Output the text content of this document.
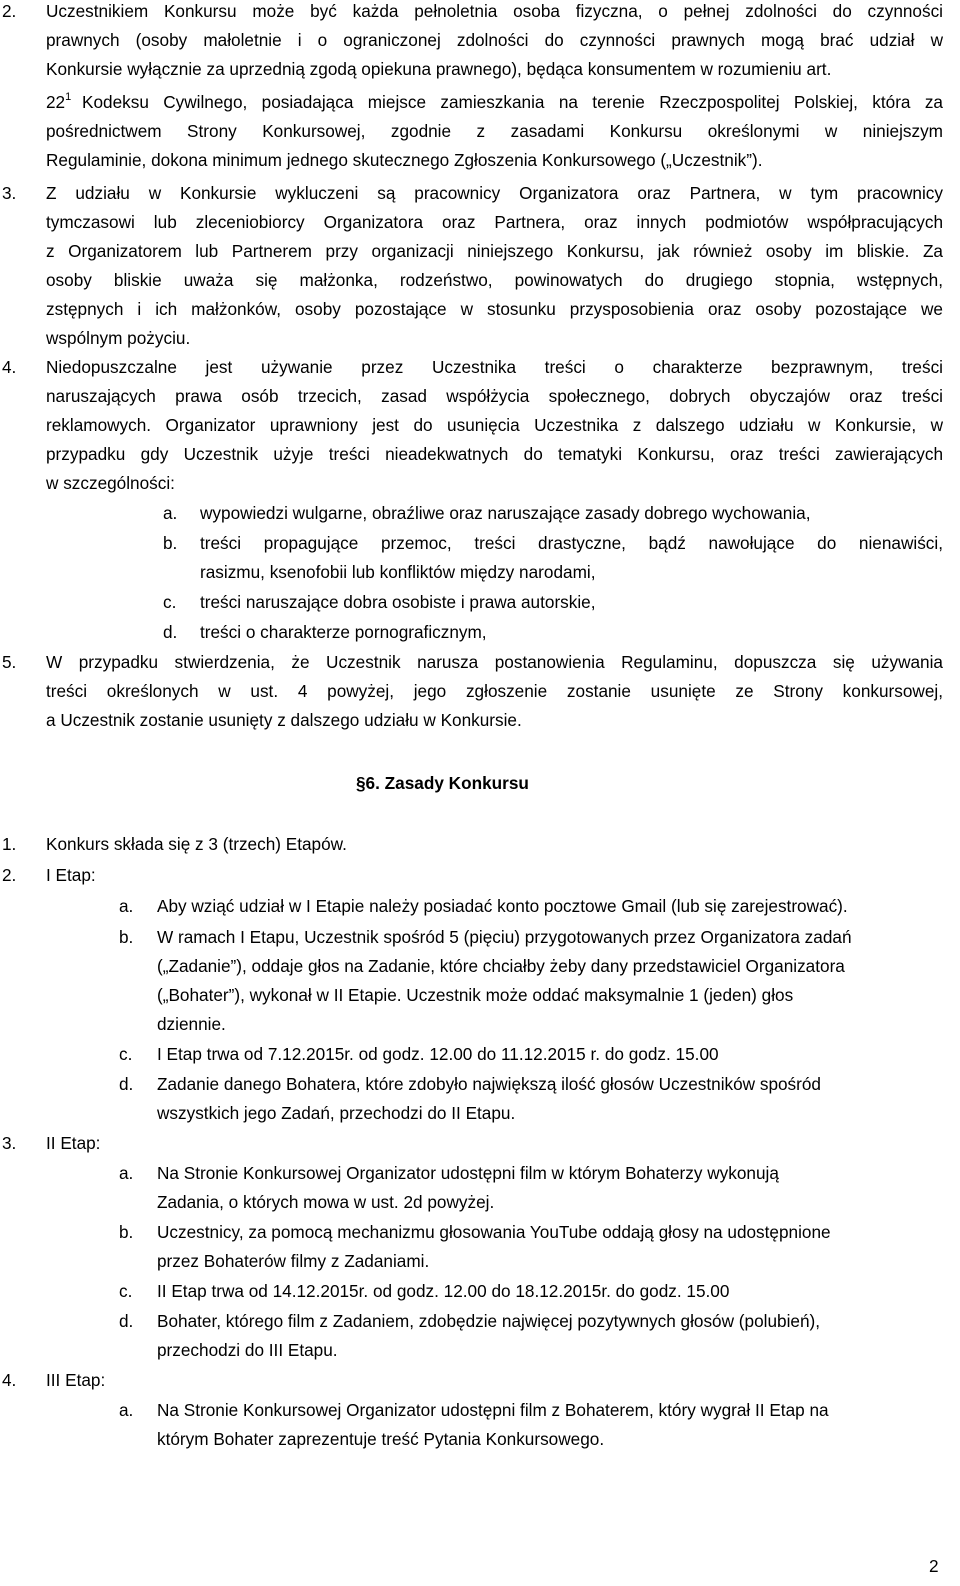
2. Uczestnikiem Konkursu może być każda pełnoletnia osoba fizyczna, o pełnej zdolności do czynności
prawnych (osoby małoletnie i o ograniczonej zdolności do czynności prawnych mogą brać udział w
Konkursie wyłącznie za uprzednią zgodą opiekuna prawnego), będąca konsumentem w rozumieniu art.
$22^1$ Kodeksu Cywilnego, posiadająca miejsce zamieszkania na terenie Rzeczpospolitej Polskiej, która za
pośrednictwem Strony Konkursowej, zgodnie z zasadami Konkursu określonymi w niniejszym
Regulaminie, dokona minimum jednego skutecznego Zgłoszenia Konkursowego („Uczestnik”).
3. Z udziału w Konkursie wykluczeni są pracownicy Organizatora oraz Partnera, w tym pracownicy
tymczasowi lub zleceniobiorcy Organizatora oraz Partnera, oraz innych podmiotów współpracujących
z Organizatorem lub Partnerem przy organizacji niniejszego Konkursu, jak również osoby im bliskie. Za
osoby bliskie uważa się małżonka, rodzeństwo, powinowatych do drugiego stopnia, wstępnych,
zstępnych i ich małżonków, osoby pozostające w stosunku przysposobienia oraz osoby pozostające we
wspólnym pożyciu.
4. Niedopuszczalne jest używanie przez Uczestnika treści o charakterze bezprawnym, treści
naruszających prawa osób trzecich, zasad współżycia społecznego, dobrych obyczajów oraz treści
reklamowych. Organizator uprawniony jest do usunięcia Uczestnika z dalszego udziału w Konkursie, w
przypadku gdy Uczestnik użyje treści nieadekwatnych do tematyki Konkursu, oraz treści zawierających
w szczególności:
a. wypowiedzi wulgarne, obraźliwe oraz naruszające zasady dobrego wychowania,
b. treści propagujące przemoc, treści drastyczne, bądź nawołujące do nienawiści,
rasizmu, ksenofobii lub konfliktów między narodami,
c. treści naruszające dobra osobiste i prawa autorskie,
d. treści o charakterze pornograficznym,
5. W przypadku stwierdzenia, że Uczestnik narusza postanowienia Regulaminu, dopuszcza się używania
treści określonych w ust. 4 powyżej, jego zgłoszenie zostanie usunięte ze Strony konkursowej,
a Uczestnik zostanie usunięty z dalszego udziału w Konkursie.
§6. Zasady Konkursu
1. Konkurs składa się z 3 (trzech) Etapów.
2. I Etap:
a. Aby wziąć udział w I Etapie należy posiadać konto pocztowe Gmail (lub się zarejestrować).
b. W ramach I Etapu, Uczestnik spośród 5 (pięciu) przygotowanych przez Organizatora zadań
(„Zadanie”), oddaje głos na Zadanie, które chciałby żeby dany przedstawiciel Organizatora
(„Bohater”), wykonał w II Etapie. Uczestnik może oddać maksymalnie 1 (jeden) głos
dziennie.
c. I Etap trwa od 7.12.2015r. od godz. 12.00 do 11.12.2015 r. do godz. 15.00
d. Zadanie danego Bohatera, które zdobyło największą ilość głosów Uczestników spośród
wszystkich jego Zadań, przechodzi do II Etapu.
3. II Etap:
a. Na Stronie Konkursowej Organizator udostępni film w którym Bohaterzy wykonują
Zadania, o których mowa w ust. 2d powyżej.
b. Uczestnicy, za pomocą mechanizmu głosowania YouTube oddają głosy na udostępnione
przez Bohaterów filmy z Zadaniami.
c. II Etap trwa od 14.12.2015r. od godz. 12.00 do 18.12.2015r. do godz. 15.00
d. Bohater, którego film z Zadaniem, zdobędzie najwięcej pozytywnych głosów (polubień),
przechodzi do III Etapu.
4. III Etap:
a. Na Stronie Konkursowej Organizator udostępni film z Bohaterem, który wygrał II Etap na
którym Bohater zaprezentuje treść Pytania Konkursowego.
2
